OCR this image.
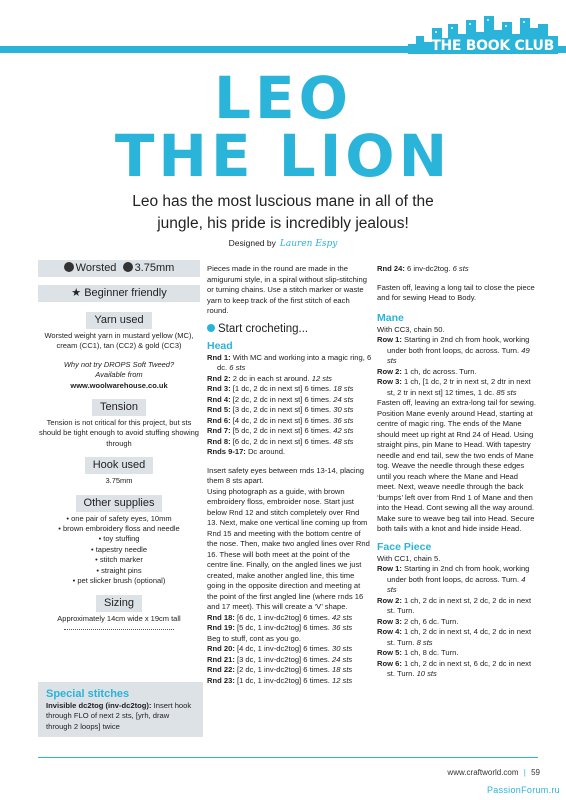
THE BOOK CLUB
LEO
THE LION
Leo has the most luscious mane in all of the
jungle, his pride is incredibly jealous!
Designed by Lauren Espy
Worsted 3.75mm
★ Beginner friendly
Yarn used
Worsted weight yarn in mustard yellow (MC), cream (CC1), tan (CC2) & gold (CC3)
Why not try DROPS Soft Tweed?
Available from
www.woolwarehouse.co.uk
Tension
Tension is not critical for this project, but sts should be tight enough to avoid stuffing showing through
Hook used
3.75mm
Other supplies
• one pair of safety eyes, 10mm
• brown embroidery floss and needle
• toy stuffing
• tapestry needle
• stitch marker
• straight pins
• pet slicker brush (optional)
Sizing
Approximately 14cm wide x 19cm tall
Special stitches
Invisible dc2tog (inv-dc2tog): Insert hook through FLO of next 2 sts, [yrh, draw through 2 loops] twice
Pieces made in the round are made in the amigurumi style, in a spiral without slip-stitching or turning chains. Use a stitch marker or waste yarn to keep track of the first stitch of each round.
Start crocheting...
Head
Rnd 1: With MC and working into a magic ring, 6 dc. 6 sts
Rnd 2: 2 dc in each st around. 12 sts
Rnd 3: [1 dc, 2 dc in next st] 6 times. 18 sts
Rnd 4: [2 dc, 2 dc in next st] 6 times. 24 sts
Rnd 5: [3 dc, 2 dc in next st] 6 times. 30 sts
Rnd 6: [4 dc, 2 dc in next st] 6 times. 36 sts
Rnd 7: [5 dc, 2 dc in next st] 6 times. 42 sts
Rnd 8: [6 dc, 2 dc in next st] 6 times. 48 sts
Rnds 9-17: Dc around.
Insert safety eyes between rnds 13-14, placing them 8 sts apart.
Using photograph as a guide, with brown embroidery floss, embroider nose. Start just below Rnd 12 and stitch completely over Rnd 13. Next, make one vertical line coming up from Rnd 15 and meeting with the bottom centre of the nose. Then, make two angled lines over Rnd 16. These will both meet at the point of the centre line. Finally, on the angled lines we just created, make another angled line, this time going in the opposite direction and meeting at the point of the first angled line (where rnds 16 and 17 meet). This will create a ‘V’ shape.
Rnd 18: [6 dc, 1 inv-dc2tog] 6 times. 42 sts
Rnd 19: [5 dc, 1 inv-dc2tog] 6 times. 36 sts
Beg to stuff, cont as you go.
Rnd 20: [4 dc, 1 inv-dc2tog] 6 times. 30 sts
Rnd 21: [3 dc, 1 inv-dc2tog] 6 times. 24 sts
Rnd 22: [2 dc, 1 inv-dc2tog] 6 times. 18 sts
Rnd 23: [1 dc, 1 inv-dc2tog] 6 times. 12 sts
Rnd 24: 6 inv-dc2tog. 6 sts
Fasten off, leaving a long tail to close the piece and for sewing Head to Body.
Mane
With CC3, chain 50.
Row 1: Starting in 2nd ch from hook, working under both front loops, dc across. Turn. 49 sts
Row 2: 1 ch, dc across. Turn.
Row 3: 1 ch, [1 dc, 2 tr in next st, 2 dtr in next st, 2 tr in next st] 12 times, 1 dc. 85 sts
Fasten off, leaving an extra-long tail for sewing.
Position Mane evenly around Head, starting at centre of magic ring. The ends of the Mane should meet up right at Rnd 24 of Head. Using straight pins, pin Mane to Head. With tapestry needle and end tail, sew the two ends of Mane tog. Weave the needle through these edges until you reach where the Mane and Head meet. Next, weave needle through the back ‘bumps’ left over from Rnd 1 of Mane and then into the Head. Cont sewing all the way around. Make sure to weave beg tail into Head. Secure both tails with a knot and hide inside Head.
Face Piece
With CC1, chain 5.
Row 1: Starting in 2nd ch from hook, working under both front loops, dc across. Turn. 4 sts
Row 2: 1 ch, 2 dc in next st, 2 dc, 2 dc in next st. Turn.
Row 3: 2 ch, 6 dc. Turn.
Row 4: 1 ch, 2 dc in next st, 4 dc, 2 dc in next st. Turn. 8 sts
Row 5: 1 ch, 8 dc. Turn.
Row 6: 1 ch, 2 dc in next st, 6 dc, 2 dc in next st. Turn. 10 sts
www.craftworld.com | 59
PassionForum.ru
